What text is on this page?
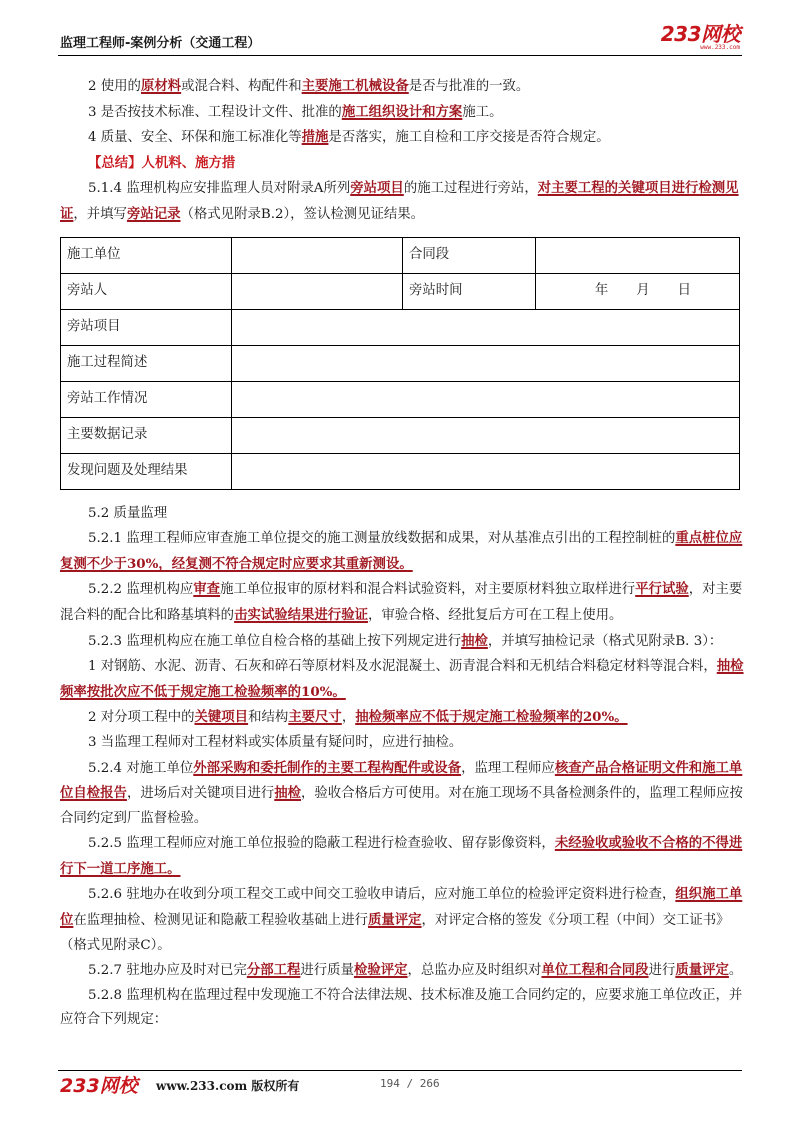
监理工程师-案例分析（交通工程）	233网校
www.233.com

2 使用的原材料或混合料、构配件和主要施工机械设备是否与批准的一致。

3 是否按技术标准、工程设计文件、批准的施工组织设计和方案施工。

4 质量、安全、环保和施工标准化等措施是否落实，施工自检和工序交接是否符合规定。

【总结】人机料、施方措

5.1.4 监理机构应安排监理人员对附录A所列旁站项目的施工过程进行旁站，对主要工程的关键项目进行检测见证，并填写旁站记录（格式见附录B.2），签认检测见证结果。

施工单位		合同段	
旁站人		旁站时间	年 月 日
旁站项目			
施工过程简述			
旁站工作情况			
主要数据记录			
发现问题及处理结果			

5.2 质量监理

5.2.1 监理工程师应审查施工单位提交的施工测量放线数据和成果，对从基准点引出的工程控制桩的重点桩位应复测不少于30%，经复测不符合规定时应要求其重新测设。

5.2.2 监理机构应审查施工单位报审的原材料和混合料试验资料，对主要原材料独立取样进行平行试验，对主要混合料的配合比和路基填料的击实试验结果进行验证，审验合格、经批复后方可在工程上使用。

5.2.3 监理机构应在施工单位自检合格的基础上按下列规定进行抽检，并填写抽检记录（格式见附录B. 3）：

1 对钢筋、水泥、沥青、石灰和碎石等原材料及水泥混凝土、沥青混合料和无机结合料稳定材料等混合料，抽检频率按批次应不低于规定施工检验频率的10%。

2 对分项工程中的关键项目和结构主要尺寸，抽检频率应不低于规定施工检验频率的20%。

3 当监理工程师对工程材料或实体质量有疑问时，应进行抽检。

5.2.4 对施工单位外部采购和委托制作的主要工程构配件或设备，监理工程师应核查产品合格证明文件和施工单位自检报告，进场后对关键项目进行抽检，验收合格后方可使用。对在施工现场不具备检测条件的，监理工程师应按合同约定到厂监督检验。

5.2.5 监理工程师应对施工单位报验的隐蔽工程进行检查验收、留存影像资料，未经验收或验收不合格的不得进行下一道工序施工。

5.2.6 驻地办在收到分项工程交工或中间交工验收申请后，应对施工单位的检验评定资料进行检查，组织施工单位在监理抽检、检测见证和隐蔽工程验收基础上进行质量评定，对评定合格的签发《分项工程（中间）交工证书》（格式见附录C）。

5.2.7 驻地办应及时对已完分部工程进行质量检验评定，总监办应及时组织对单位工程和合同段进行质量评定。

5.2.8 监理机构在监理过程中发现施工不符合法律法规、技术标准及施工合同约定的，应要求施工单位改正，并应符合下列规定：

233网校 www.233.com 版权所有	194 / 266
